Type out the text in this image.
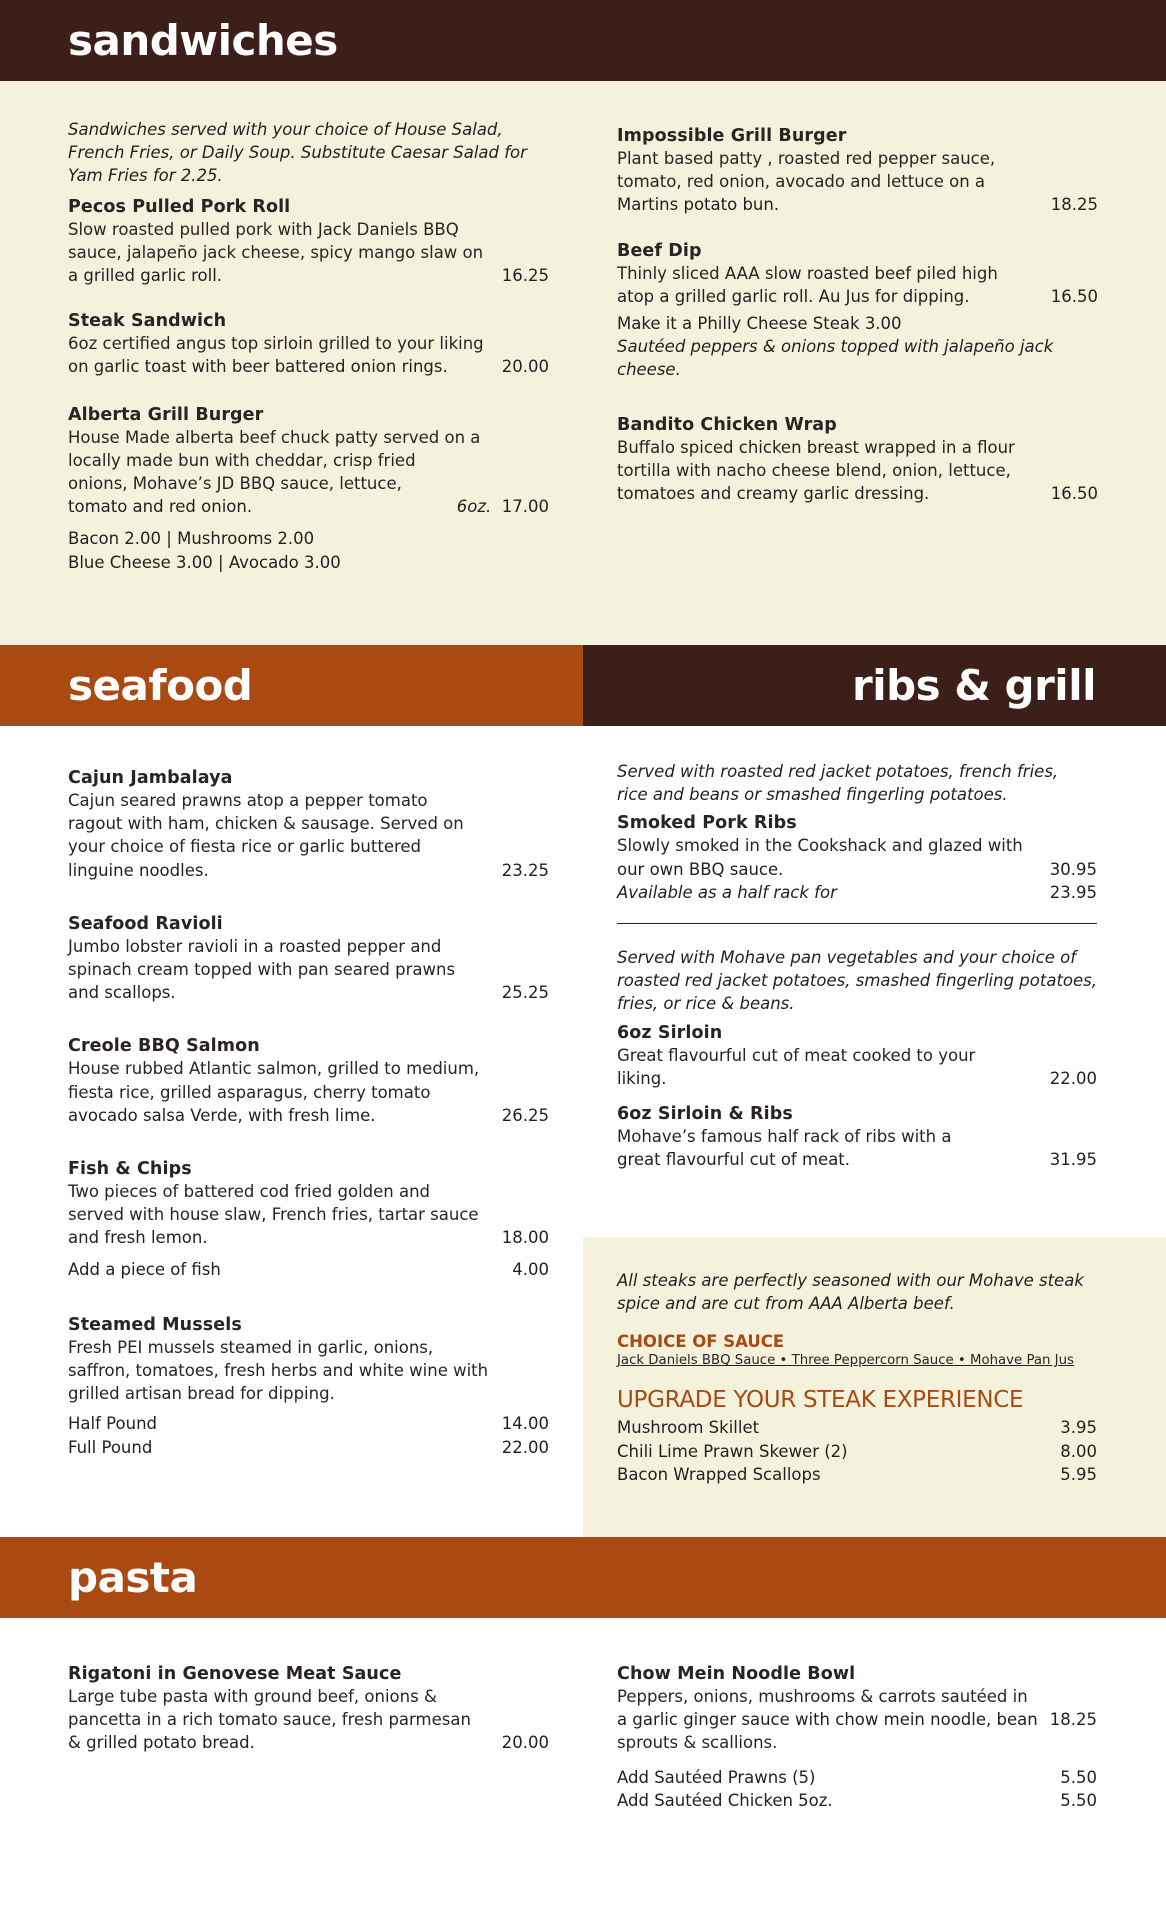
sandwiches
Sandwiches served with your choice of House Salad, French Fries, or Daily Soup. Substitute Caesar Salad for Yam Fries for 2.25.
Pecos Pulled Pork Roll
Slow roasted pulled pork with Jack Daniels BBQ
sauce, jalapeño jack cheese, spicy mango slaw on
a grilled garlic roll.	16.25
Steak Sandwich
6oz certified angus top sirloin grilled to your liking
on garlic toast with beer battered onion rings.	20.00
Alberta Grill Burger
House Made alberta beef chuck patty served on a
locally made bun with cheddar, crisp fried
onions, Mohave’s JD BBQ sauce, lettuce,
tomato and red onion.	6oz. 17.00
Bacon 2.00 | Mushrooms 2.00
Blue Cheese 3.00 | Avocado 3.00
Impossible Grill Burger
Plant based patty , roasted red pepper sauce,
tomato, red onion, avocado and lettuce on a
Martins potato bun.	18.25
Beef Dip
Thinly sliced AAA slow roasted beef piled high
atop a grilled garlic roll. Au Jus for dipping.	16.50
Make it a Philly Cheese Steak 3.00
Sautéed peppers & onions topped with jalapeño jack cheese.
Bandito Chicken Wrap
Buffalo spiced chicken breast wrapped in a flour
tortilla with nacho cheese blend, onion, lettuce,
tomatoes and creamy garlic dressing.	16.50
seafood	ribs & grill
Cajun Jambalaya
Cajun seared prawns atop a pepper tomato
ragout with ham, chicken & sausage. Served on
your choice of fiesta rice or garlic buttered
linguine noodles.	23.25
Seafood Ravioli
Jumbo lobster ravioli in a roasted pepper and
spinach cream topped with pan seared prawns
and scallops.	25.25
Creole BBQ Salmon
House rubbed Atlantic salmon, grilled to medium,
fiesta rice, grilled asparagus, cherry tomato
avocado salsa Verde, with fresh lime.	26.25
Fish & Chips
Two pieces of battered cod fried golden and
served with house slaw, French fries, tartar sauce
and fresh lemon.	18.00
Add a piece of fish	4.00
Steamed Mussels
Fresh PEI mussels steamed in garlic, onions,
saffron, tomatoes, fresh herbs and white wine with
grilled artisan bread for dipping.
Half Pound	14.00
Full Pound	22.00
Served with roasted red jacket potatoes, french fries,
rice and beans or smashed fingerling potatoes.
Smoked Pork Ribs
Slowly smoked in the Cookshack and glazed with
our own BBQ sauce.	30.95
Available as a half rack for	23.95
Served with Mohave pan vegetables and your choice of
roasted red jacket potatoes, smashed fingerling potatoes,
fries, or rice & beans.
6oz Sirloin
Great flavourful cut of meat cooked to your
liking.	22.00
6oz Sirloin & Ribs
Mohave’s famous half rack of ribs with a
great flavourful cut of meat.	31.95
All steaks are perfectly seasoned with our Mohave steak
spice and are cut from AAA Alberta beef.
CHOICE OF SAUCE
Jack Daniels BBQ Sauce • Three Peppercorn Sauce • Mohave Pan Jus
UPGRADE YOUR STEAK EXPERIENCE
Mushroom Skillet	3.95
Chili Lime Prawn Skewer (2)	8.00
Bacon Wrapped Scallops	5.95
pasta
Rigatoni in Genovese Meat Sauce
Large tube pasta with ground beef, onions &
pancetta in a rich tomato sauce, fresh parmesan
& grilled potato bread.	20.00
Chow Mein Noodle Bowl
Peppers, onions, mushrooms & carrots sautéed in
a garlic ginger sauce with chow mein noodle, bean 18.25
sprouts & scallions.
Add Sautéed Prawns (5)	5.50
Add Sautéed Chicken 5oz.	5.50
